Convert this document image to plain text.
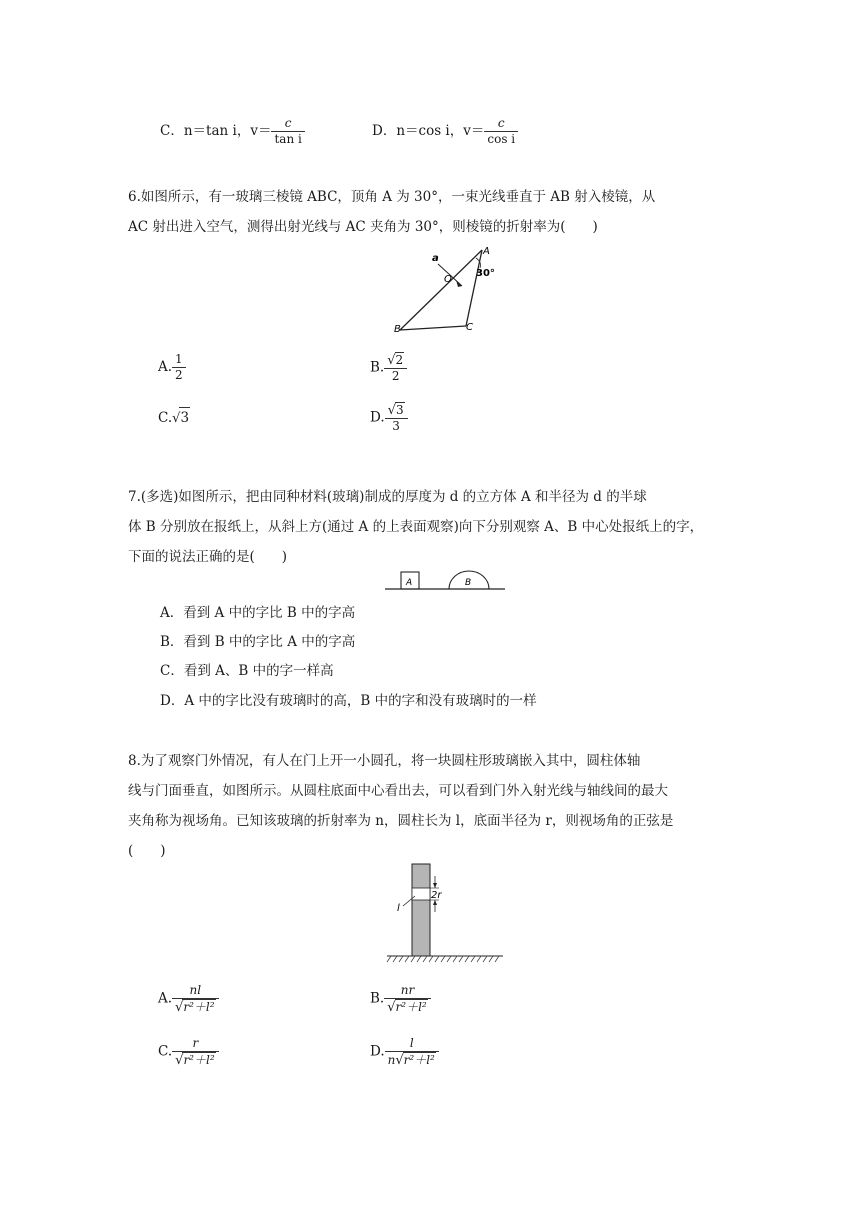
C．n＝tan i，$v= \frac{c}{\text{tan i}}$	D．n＝cos i，$v= \frac{c}{\text{cos i}}$
6.如图所示，有一玻璃三棱镜 ABC，顶角 A 为 30°，一束光线垂直于 AB 射入棱镜，从
AC 射出进入空气，测得出射光线与 AC 夹角为 30°，则棱镜的折射率为(　　)
a
A
O
30°
B	C
A. $\frac{1}{2}$	B. $\frac{√2}{2}$
C.√3	D. $\frac{√3}{3}$
7.(多选)如图所示，把由同种材料(玻璃)制成的厚度为 d 的立方体 A 和半径为 d 的半球
体 B 分别放在报纸上，从斜上方(通过 A 的上表面观察)向下分别观察 A、B 中心处报纸上的字，
下面的说法正确的是(　　)
A	B
A．看到 A 中的字比 B 中的字高
B．看到 B 中的字比 A 中的字高
C．看到 A、B 中的字一样高
D．A 中的字比没有玻璃时的高，B 中的字和没有玻璃时的一样
8.为了观察门外情况，有人在门上开一小圆孔，将一块圆柱形玻璃嵌入其中，圆柱体轴
线与门面垂直，如图所示。从圆柱底面中心看出去，可以看到门外入射光线与轴线间的最大
夹角称为视场角。已知该玻璃的折射率为 n，圆柱长为 l，底面半径为 r，则视场角的正弦是
(　　)
2r
l
A. $\frac{nl}{\text{√r²＋l²}}$	B. $\frac{nr}{\text{√r²＋l²}}$
C. $\frac{r}{\text{√r²＋l²}}$	D. $\frac{l}{\text{n√r²＋l²}}$
